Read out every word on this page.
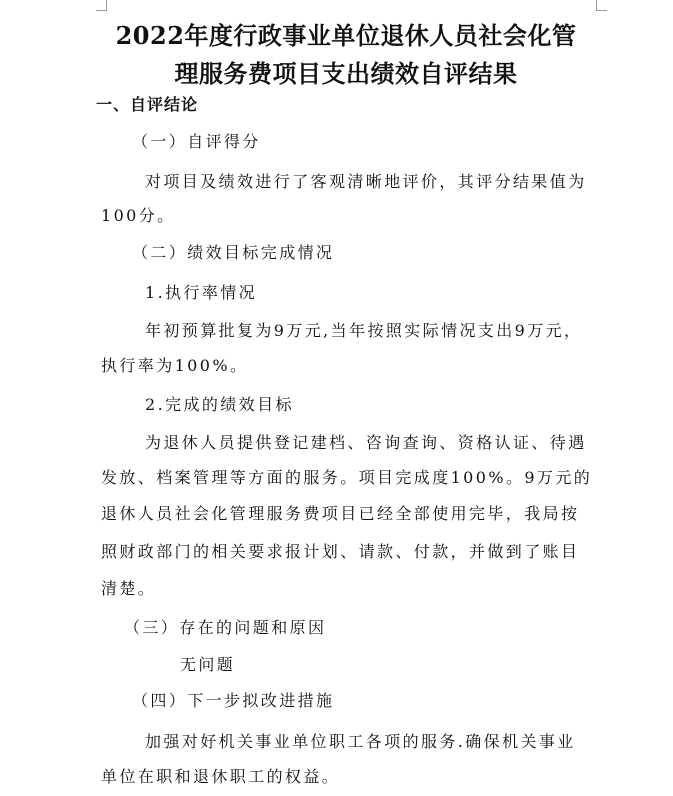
2022年度行政事业单位退休人员社会化管
理服务费项目支出绩效自评结果
一、自评结论
（一）自评得分
对项目及绩效进行了客观清晰地评价，其评分结果值为
100分。
（二）绩效目标完成情况
1.执行率情况
年初预算批复为9万元,当年按照实际情况支出9万元，
执行率为100%。
2.完成的绩效目标
为退休人员提供登记建档、咨询查询、资格认证、待遇
发放、档案管理等方面的服务。项目完成度100%。9万元的
退休人员社会化管理服务费项目已经全部使用完毕，我局按
照财政部门的相关要求报计划、请款、付款，并做到了账目
清楚。
（三）存在的问题和原因
无问题
（四）下一步拟改进措施
加强对好机关事业单位职工各项的服务.确保机关事业
单位在职和退休职工的权益。
